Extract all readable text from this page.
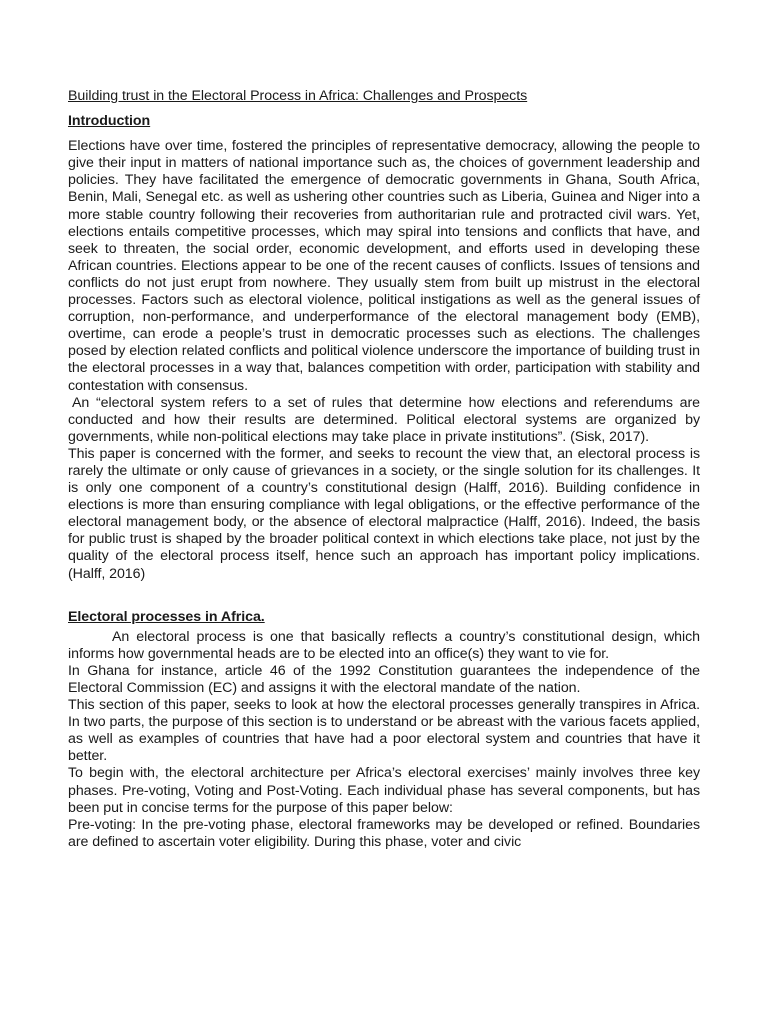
Building trust in the Electoral Process in Africa: Challenges and Prospects
Introduction

Elections have over time, fostered the principles of representative democracy, allowing the people to give their input in matters of national importance such as, the choices of government leadership and policies. They have facilitated the emergence of democratic governments in Ghana, South Africa, Benin, Mali, Senegal etc. as well as ushering other countries such as Liberia, Guinea and Niger into a more stable country following their recoveries from authoritarian rule and protracted civil wars. Yet, elections entails competitive processes, which may spiral into tensions and conflicts that have, and seek to threaten, the social order, economic development, and efforts used in developing these African countries. Elections appear to be one of the recent causes of conflicts. Issues of tensions and conflicts do not just erupt from nowhere. They usually stem from built up mistrust in the electoral processes. Factors such as electoral violence, political instigations as well as the general issues of corruption, non-performance, and underperformance of the electoral management body (EMB), overtime, can erode a people’s trust in democratic processes such as elections. The challenges posed by election related conflicts and political violence underscore the importance of building trust in the electoral processes in a way that, balances competition with order, participation with stability and contestation with consensus.

An “electoral system refers to a set of rules that determine how elections and referendums are conducted and how their results are determined. Political electoral systems are organized by governments, while non-political elections may take place in private institutions”. (Sisk, 2017).

This paper is concerned with the former, and seeks to recount the view that, an electoral process is rarely the ultimate or only cause of grievances in a society, or the single solution for its challenges. It is only one component of a country’s constitutional design (Halff, 2016). Building confidence in elections is more than ensuring compliance with legal obligations, or the effective performance of the electoral management body, or the absence of electoral malpractice (Halff, 2016). Indeed, the basis for public trust is shaped by the broader political context in which elections take place, not just by the quality of the electoral process itself, hence such an approach has important policy implications. (Halff, 2016)

Electoral processes in Africa.

An electoral process is one that basically reflects a country’s constitutional design, which informs how governmental heads are to be elected into an office(s) they want to vie for.

In Ghana for instance, article 46 of the 1992 Constitution guarantees the independence of the Electoral Commission (EC) and assigns it with the electoral mandate of the nation.

This section of this paper, seeks to look at how the electoral processes generally transpires in Africa. In two parts, the purpose of this section is to understand or be abreast with the various facets applied, as well as examples of countries that have had a poor electoral system and countries that have it better.

To begin with, the electoral architecture per Africa’s electoral exercises’ mainly involves three key phases. Pre-voting, Voting and Post-Voting. Each individual phase has several components, but has been put in concise terms for the purpose of this paper below:

Pre-voting: In the pre-voting phase, electoral frameworks may be developed or refined. Boundaries are defined to ascertain voter eligibility. During this phase, voter and civic
